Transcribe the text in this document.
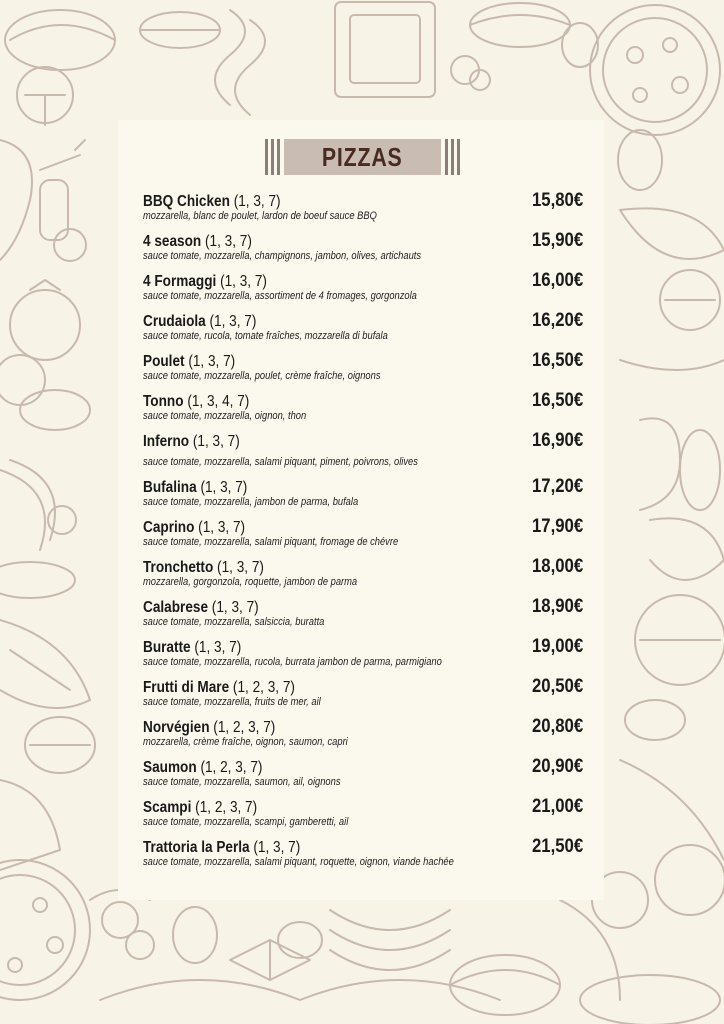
PIZZAS
BBQ Chicken (1, 3, 7)	15,80€
mozzarella, blanc de poulet, lardon de boeuf sauce BBQ
4 season (1, 3, 7)	15,90€
sauce tomate, mozzarella, champignons, jambon, olives, artichauts
4 Formaggi (1, 3, 7)	16,00€
sauce tomate, mozzarella, assortiment de 4 fromages, gorgonzola
Crudaiola (1, 3, 7)	16,20€
sauce tomate, rucola, tomate fraîches, mozzarella di bufala
Poulet (1, 3, 7)	16,50€
sauce tomate, mozzarella, poulet, crème fraîche, oignons
Tonno (1, 3, 4, 7)	16,50€
sauce tomate, mozzarella, oignon, thon
Inferno (1, 3, 7)	16,90€
sauce tomate, mozzarella, salami piquant, piment, poivrons, olives
Bufalina (1, 3, 7)	17,20€
sauce tomate, mozzarella, jambon de parma, bufala
Caprino (1, 3, 7)	17,90€
sauce tomate, mozzarella, salami piquant, fromage de chévre
Tronchetto (1, 3, 7)	18,00€
mozzarella, gorgonzola, roquette, jambon de parma
Calabrese (1, 3, 7)	18,90€
sauce tomate, mozzarella, salsiccia, buratta
Buratte (1, 3, 7)	19,00€
sauce tomate, mozzarella, rucola, burrata jambon de parma, parmigiano
Frutti di Mare (1, 2, 3, 7)	20,50€
sauce tomate, mozzarella, fruits de mer, ail
Norvégien (1, 2, 3, 7)	20,80€
mozzarella, crème fraîche, oignon, saumon, capri
Saumon (1, 2, 3, 7)	20,90€
sauce tomate, mozzarella, saumon, ail, oignons
Scampi (1, 2, 3, 7)	21,00€
sauce tomate, mozzarella, scampi, gamberetti, ail
Trattoria la Perla (1, 3, 7)	21,50€
sauce tomate, mozzarella, salami piquant, roquette, oignon, viande hachée
